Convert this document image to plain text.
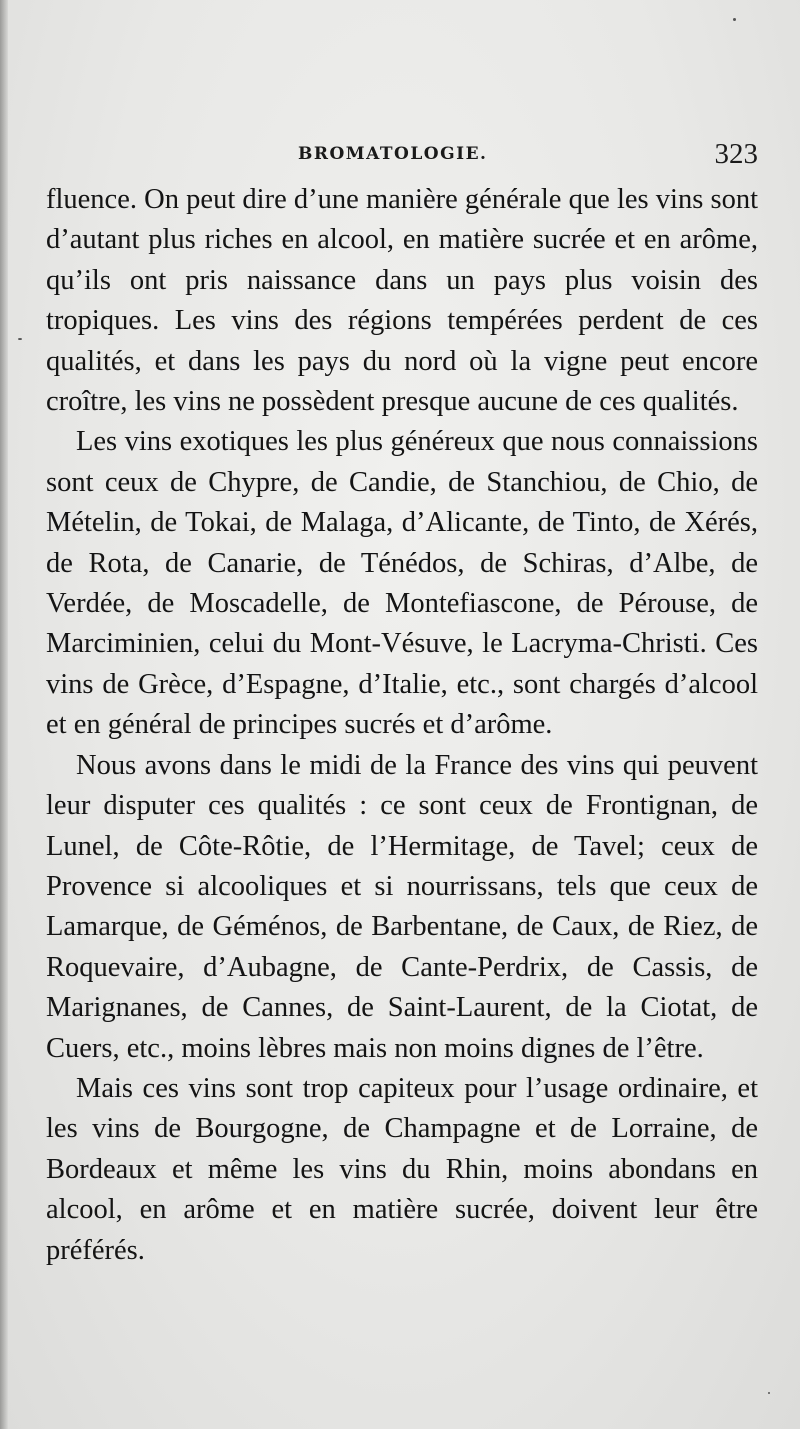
BROMATOLOGIE.	323

fluence. On peut dire d’une manière générale que les vins sont d’autant plus riches en alcool, en matière sucrée et en arôme, qu’ils ont pris naissance dans un pays plus voisin des tropiques. Les vins des régions tempérées perdent de ces qualités, et dans les pays du nord où la vigne peut encore croître, les vins ne possèdent presque aucune de ces qualités.

Les vins exotiques les plus généreux que nous connaissions sont ceux de Chypre, de Candie, de Stanchiou, de Chio, de Mételin, de Tokai, de Malaga, d’Alicante, de Tinto, de Xérés, de Rota, de Canarie, de Ténédos, de Schiras, d’Albe, de Verdée, de Moscadelle, de Montefiascone, de Pérouse, de Marciminien, celui du Mont-Vésuve, le Lacryma-Christi. Ces vins de Grèce, d’Espagne, d’Italie, etc., sont chargés d’alcool et en général de principes sucrés et d’arôme.

Nous avons dans le midi de la France des vins qui peuvent leur disputer ces qualités : ce sont ceux de Frontignan, de Lunel, de Côte-Rôtie, de l’Hermitage, de Tavel; ceux de Provence si alcooliques et si nourrissans, tels que ceux de Lamarque, de Géménos, de Barbentane, de Caux, de Riez, de Roquevaire, d’Aubagne, de Cante-Perdrix, de Cassis, de Marignanes, de Cannes, de Saint-Laurent, de la Ciotat, de Cuers, etc., moins lèbres mais non moins dignes de l’être.

Mais ces vins sont trop capiteux pour l’usage ordinaire, et les vins de Bourgogne, de Champagne et de Lorraine, de Bordeaux et même les vins du Rhin, moins abondans en alcool, en arôme et en matière sucrée, doivent leur être préférés.
